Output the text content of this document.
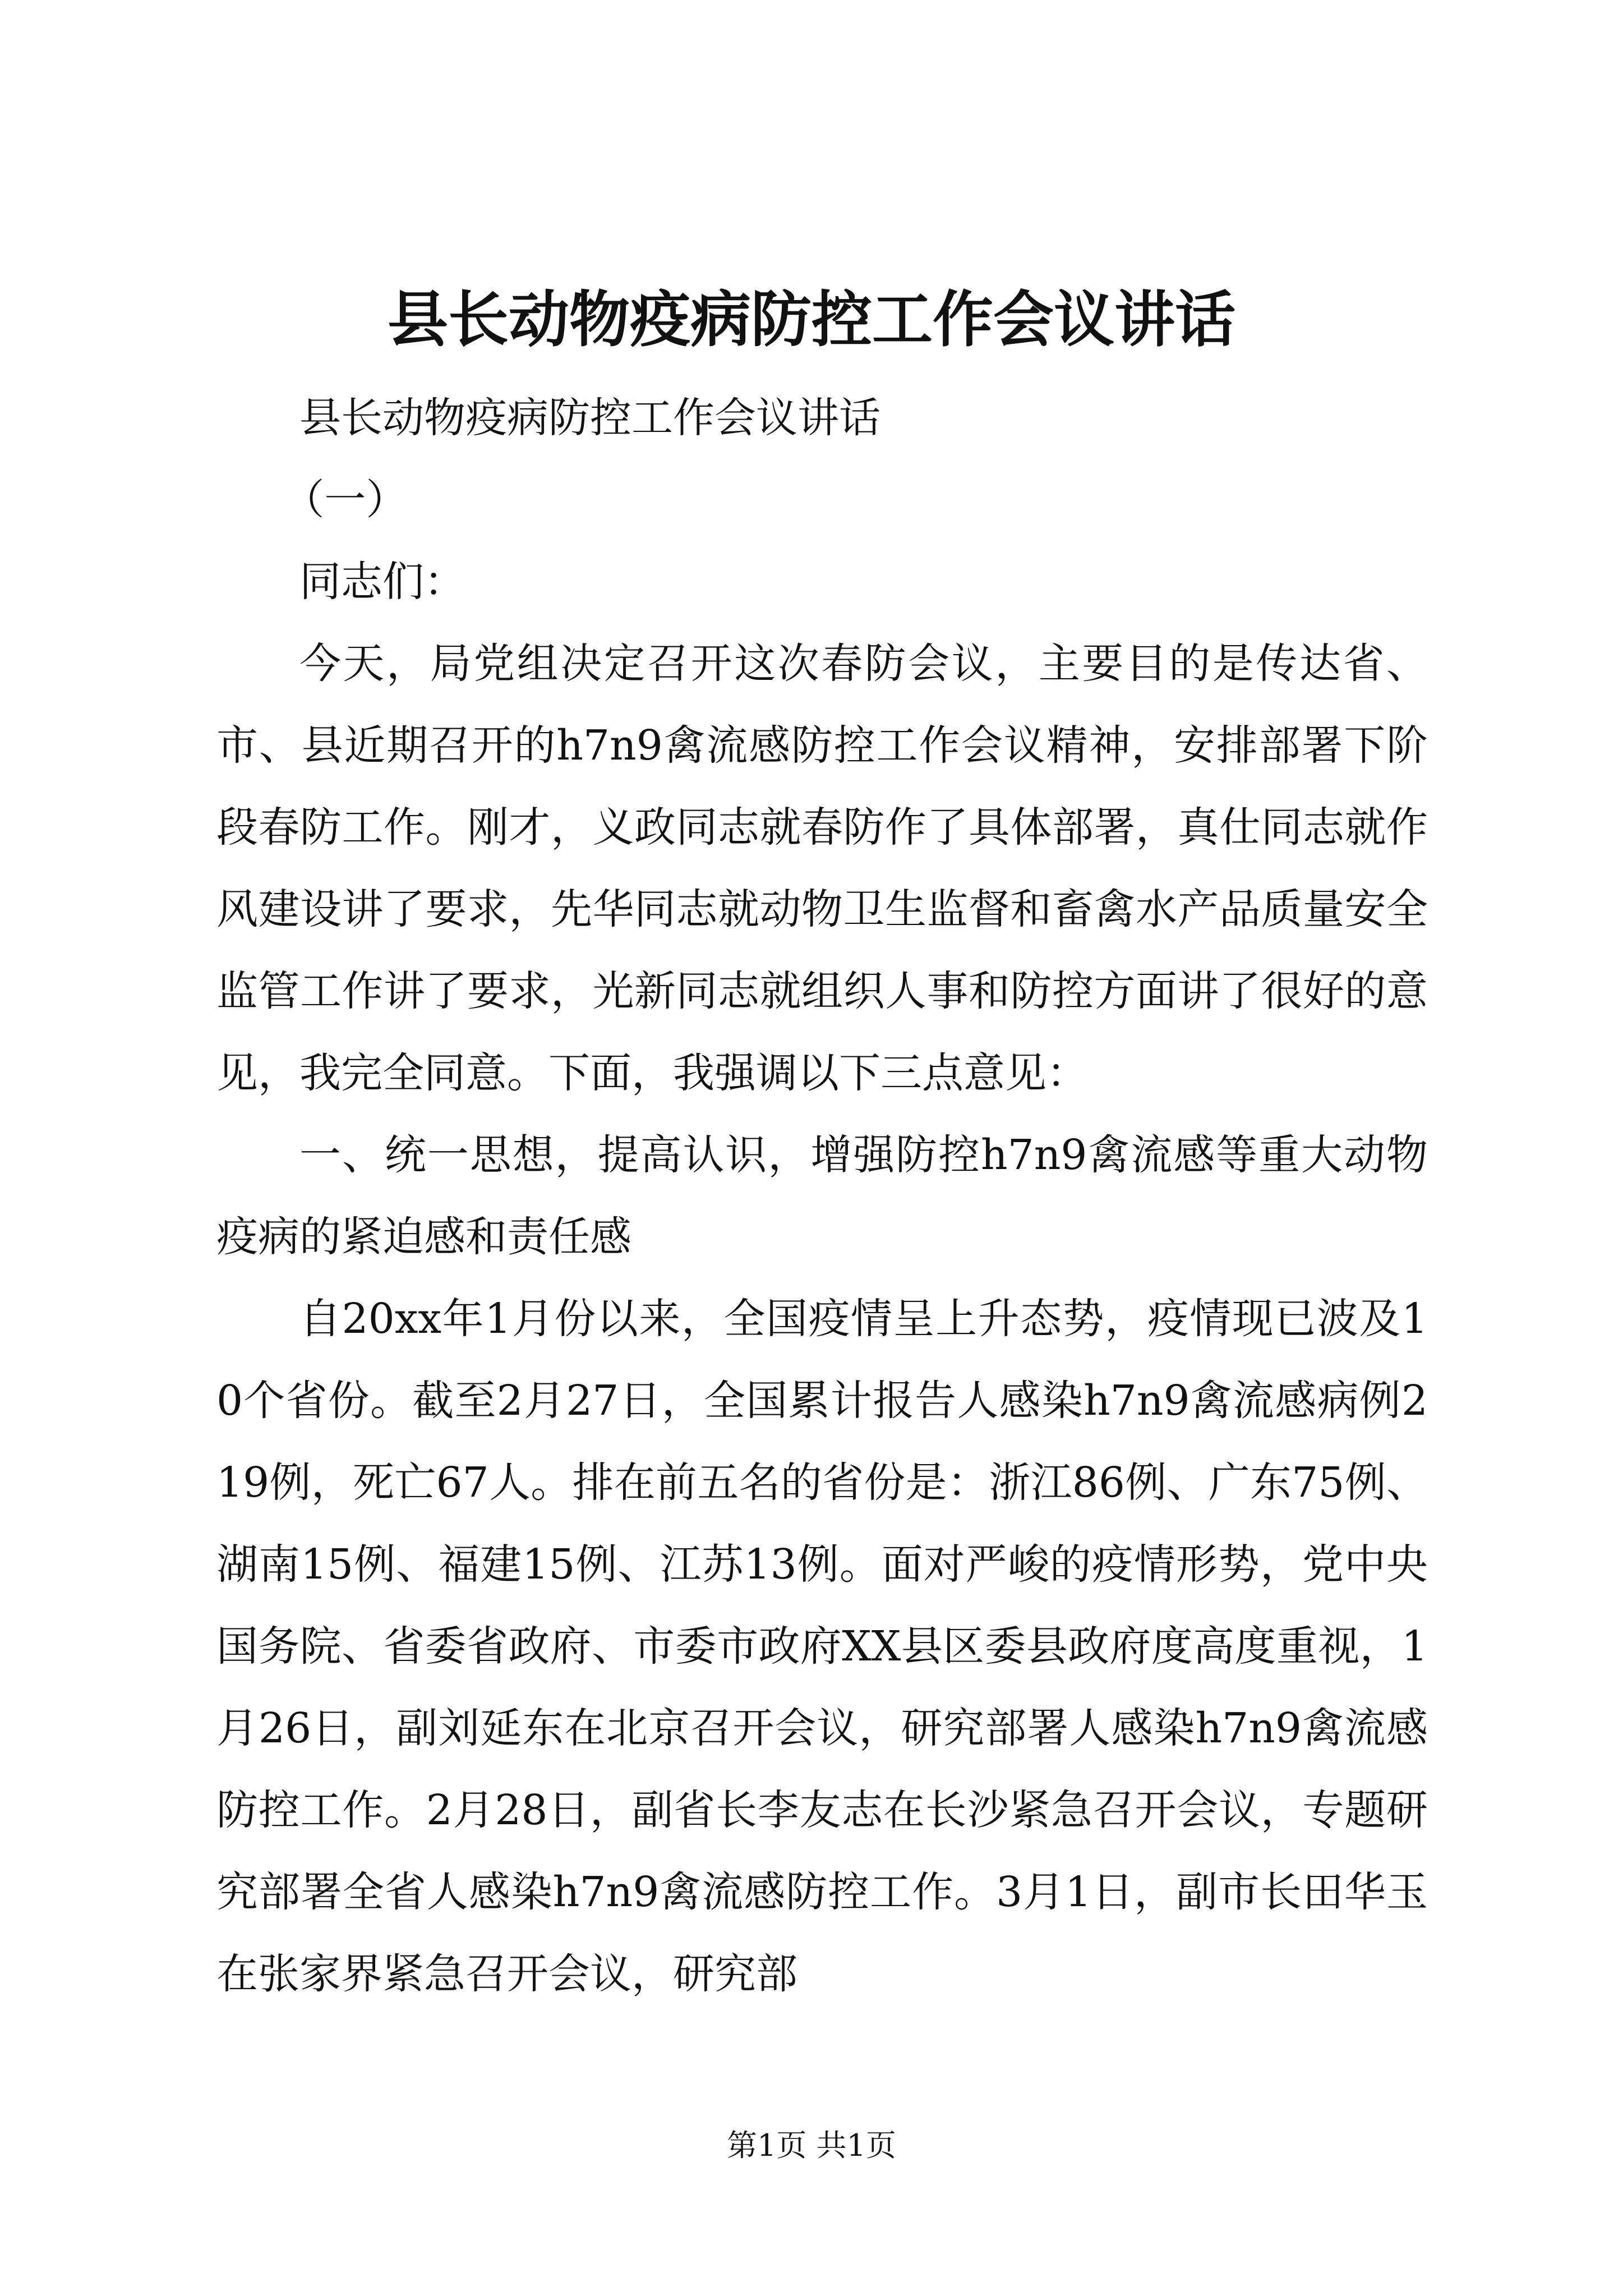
县长动物疫病防控工作会议讲话

县长动物疫病防控工作会议讲话

（一）

同志们：

今天，局党组决定召开这次春防会议，主要目的是传达省、市、县近期召开的h7n9禽流感防控工作会议精神，安排部署下阶段春防工作。刚才，义政同志就春防作了具体部署，真仕同志就作风建设讲了要求，先华同志就动物卫生监督和畜禽水产品质量安全监管工作讲了要求，光新同志就组织人事和防控方面讲了很好的意见，我完全同意。下面，我强调以下三点意见：

一、统一思想，提高认识，增强防控h7n9禽流感等重大动物疫病的紧迫感和责任感

自20xx年1月份以来，全国疫情呈上升态势，疫情现已波及10个省份。截至2月27日，全国累计报告人感染h7n9禽流感病例219例，死亡67人。排在前五名的省份是：浙江86例、广东75例、湖南15例、福建15例、江苏13例。面对严峻的疫情形势，党中央国务院、省委省政府、市委市政府XX县区委县政府度高度重视，1月26日，副刘延东在北京召开会议，研究部署人感染h7n9禽流感防控工作。2月28日，副省长李友志在长沙紧急召开会议，专题研究部署全省人感染h7n9禽流感防控工作。3月1日，副市长田华玉在张家界紧急召开会议，研究部

第1页 共1页
